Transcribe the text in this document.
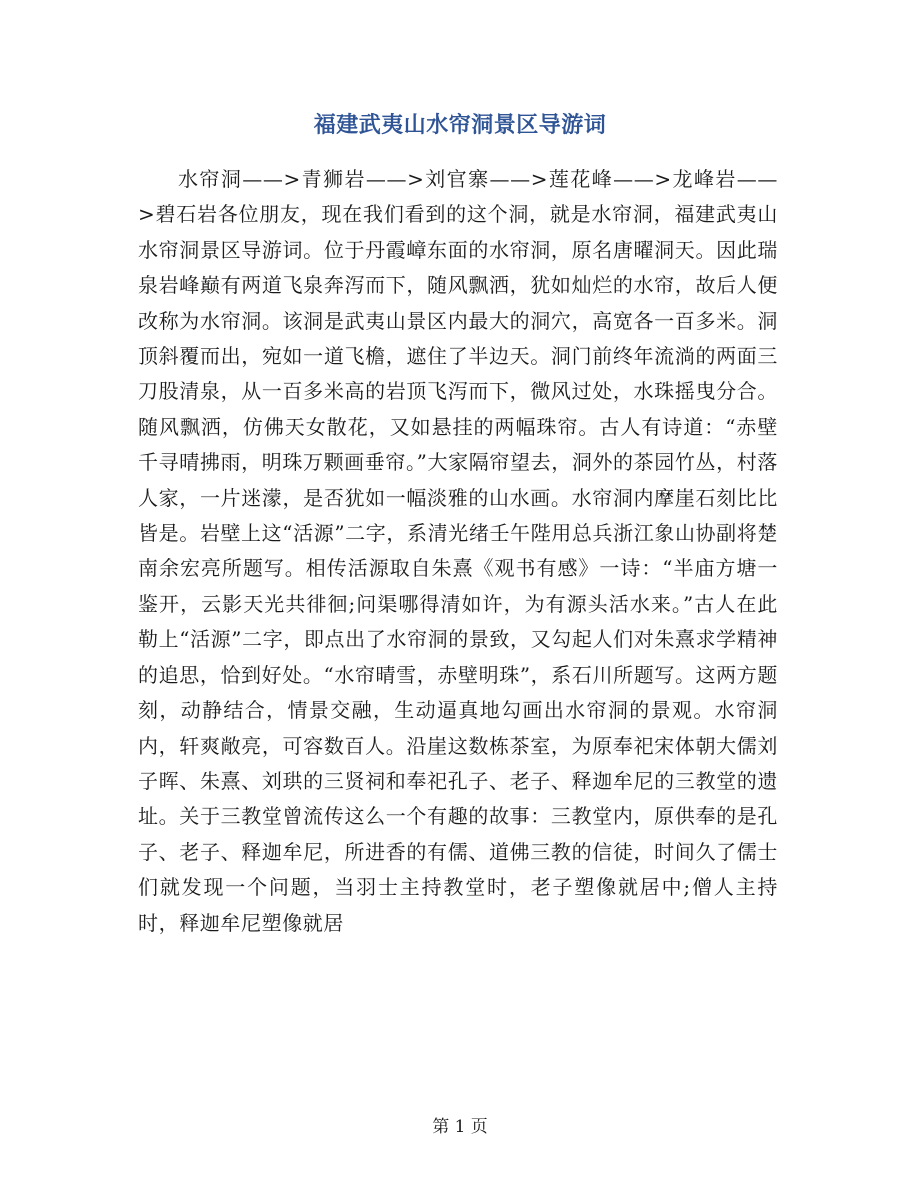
福建武夷山水帘洞景区导游词

水帘洞——>青狮岩——>刘官寨——>莲花峰——>龙峰岩——>碧石岩各位朋友，现在我们看到的这个洞，就是水帘洞，福建武夷山水帘洞景区导游词。位于丹霞嶂东面的水帘洞，原名唐曜洞天。因此瑞泉岩峰巅有两道飞泉奔泻而下，随风飘洒，犹如灿烂的水帘，故后人便改称为水帘洞。该洞是武夷山景区内最大的洞穴，高宽各一百多米。洞顶斜覆而出，宛如一道飞檐，遮住了半边天。洞门前终年流淌的两面三刀股清泉，从一百多米高的岩顶飞泻而下，微风过处，水珠摇曳分合。随风飘洒，仿佛天女散花，又如悬挂的两幅珠帘。古人有诗道：“赤壁千寻晴拂雨，明珠万颗画垂帘。”大家隔帘望去，洞外的茶园竹丛，村落人家，一片迷濛，是否犹如一幅淡雅的山水画。水帘洞内摩崖石刻比比皆是。岩壁上这“活源”二字，系清光绪壬午陛用总兵浙江象山协副将楚南余宏亮所题写。相传活源取自朱熹《观书有感》一诗：“半庙方塘一鉴开，云影天光共徘徊;问渠哪得清如许，为有源头活水来。”古人在此勒上“活源”二字，即点出了水帘洞的景致，又勾起人们对朱熹求学精神的追思，恰到好处。“水帘晴雪，赤壁明珠”，系石川所题写。这两方题刻，动静结合，情景交融，生动逼真地勾画出水帘洞的景观。水帘洞内，轩爽敞亮，可容数百人。沿崖这数栋茶室，为原奉祀宋体朝大儒刘子晖、朱熹、刘珙的三贤祠和奉祀孔子、老子、释迦牟尼的三教堂的遗址。关于三教堂曾流传这么一个有趣的故事：三教堂内，原供奉的是孔子、老子、释迦牟尼，所进香的有儒、道佛三教的信徒，时间久了儒士们就发现一个问题，当羽士主持教堂时，老子塑像就居中;僧人主持时，释迦牟尼塑像就居

第 1 页
